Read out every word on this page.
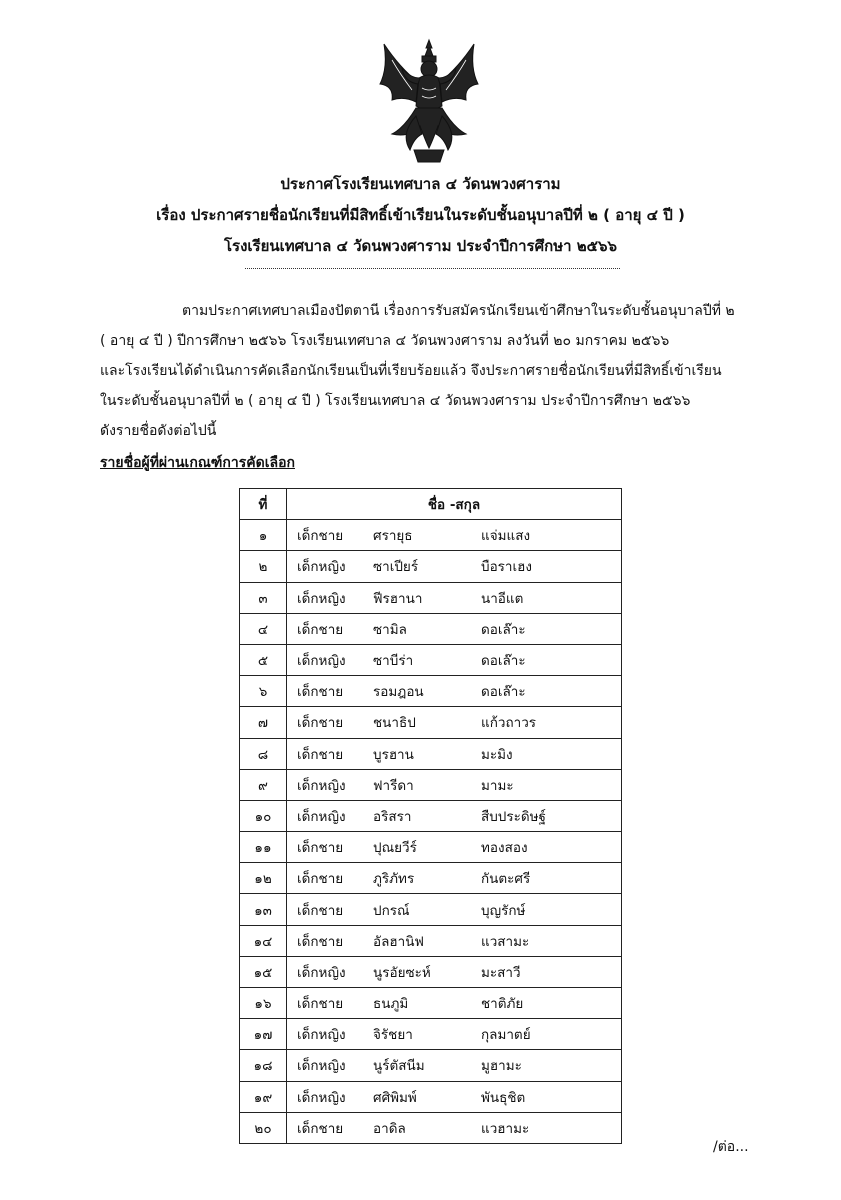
ประกาศโรงเรียนเทศบาล ๔ วัดนพวงศาราม
เรื่อง ประกาศรายชื่อนักเรียนที่มีสิทธิ์เข้าเรียนในระดับชั้นอนุบาลปีที่ ๒ ( อายุ ๔ ปี )
โรงเรียนเทศบาล ๔ วัดนพวงศาราม ประจำปีการศึกษา ๒๕๖๖
ตามประกาศเทศบาลเมืองปัตตานี เรื่องการรับสมัครนักเรียนเข้าศึกษาในระดับชั้นอนุบาลปีที่ ๒
( อายุ ๔ ปี ) ปีการศึกษา ๒๕๖๖ โรงเรียนเทศบาล ๔ วัดนพวงศาราม ลงวันที่ ๒๐ มกราคม ๒๕๖๖
และโรงเรียนได้ดำเนินการคัดเลือกนักเรียนเป็นที่เรียบร้อยแล้ว จึงประกาศรายชื่อนักเรียนที่มีสิทธิ์เข้าเรียน
ในระดับชั้นอนุบาลปีที่ ๒ ( อายุ ๔ ปี ) โรงเรียนเทศบาล ๔ วัดนพวงศาราม ประจำปีการศึกษา ๒๕๖๖
ดังรายชื่อดังต่อไปนี้
รายชื่อผู้ที่ผ่านเกณฑ์การคัดเลือก
ที่	ชื่อ -สกุล		
๑	เด็กชาย	ศรายุธ	แจ่มแสง
๒	เด็กหญิง	ซาเปียร์	บือราเฮง
๓	เด็กหญิง	ฟีรฮานา	นาอีแต
๔	เด็กชาย	ซามิล	ดอเล๊าะ
๕	เด็กหญิง	ซาบีร่า	ดอเล๊าะ
๖	เด็กชาย	รอมฎอน	ดอเล๊าะ
๗	เด็กชาย	ชนาธิป	แก้วถาวร
๘	เด็กชาย	บูรฮาน	มะมิง
๙	เด็กหญิง	ฟารีดา	มามะ
๑๐	เด็กหญิง	อริสรา	สืบประดิษฐ์
๑๑	เด็กชาย	ปุณยวีร์	ทองสอง
๑๒	เด็กชาย	ภูริภัทร	กันตะศรี
๑๓	เด็กชาย	ปกรณ์	บุญรักษ์
๑๔	เด็กชาย	อัลฮานิฟ	แวสามะ
๑๕	เด็กหญิง	นูรอัยซะห์	มะสาวี
๑๖	เด็กชาย	ธนภูมิ	ชาติภัย
๑๗	เด็กหญิง	จิรัชยา	กุลมาตย์
๑๘	เด็กหญิง	นูร์ตัสนีม	มูฮามะ
๑๙	เด็กหญิง	ศศิพิมพ์	พันธุชิต
๒๐	เด็กชาย	อาดิล	แวฮามะ
/ต่อ...
